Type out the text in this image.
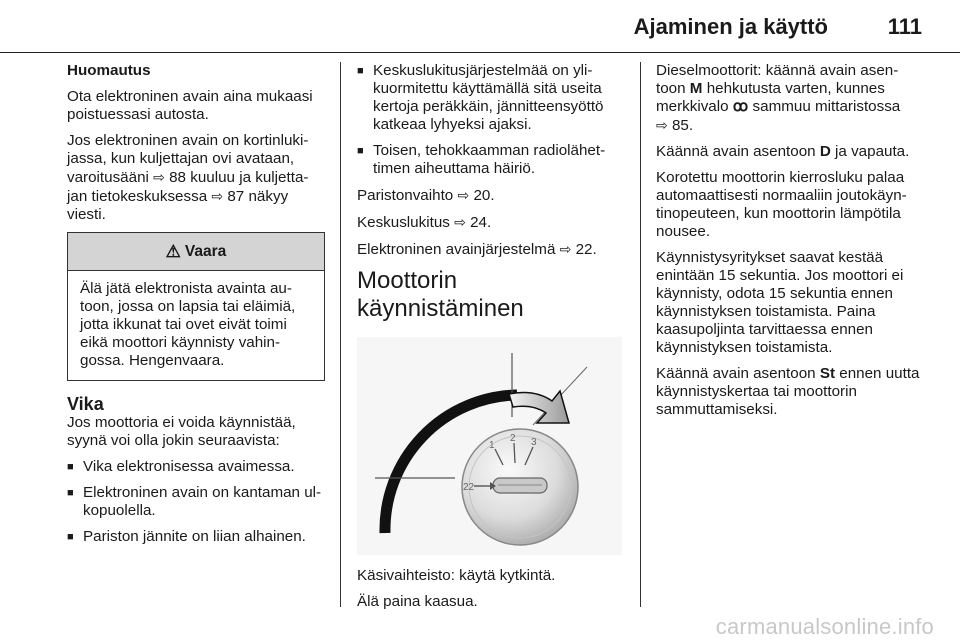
Ajaminen ja käyttö	111

Huomautus

Ota elektroninen avain aina mukaasi poistuessasi autosta.

Jos elektroninen avain on kortinluki-jassa, kun kuljettajan ovi avataan, varoitusääni ⇨ 88 kuuluu ja kuljetta-jan tietokeskuksessa ⇨ 87 näkyy viesti.

⚠ Vaara
Älä jätä elektronista avainta au-toon, jossa on lapsia tai eläimiä, jotta ikkunat tai ovet eivät toimi eikä moottori käynnisty vahin-gossa. Hengenvaara.
Vika

Jos moottoria ei voida käynnistää, syynä voi olla jokin seuraavista:

■ Vika elektronisessa avaimessa.
■ Elektroninen avain on kantaman ul-kopuolella.
■ Pariston jännite on liian alhainen.
■ Keskuslukitusjärjestelmää on yli-kuormitettu käyttämällä sitä useita kertoja peräkkäin, jännitteensyöttö katkeaa lyhyeksi ajaksi.
■ Toisen, tehokkaamman radiolähet-timen aiheuttama häiriö.

Paristonvaihto ⇨ 20.

Keskuslukitus ⇨ 24.

Elektroninen avainjärjestelmä ⇨ 22.

Moottorin käynnistäminen
22
1
2 3

Käsivaihteisto: käytä kytkintä.

Älä paina kaasua.

Dieselmoottorit: käännä avain asen-toon M hehkutusta varten, kunnes merkkivalo ꝏ sammuu mittaristossa
⇨ 85.

Käännä avain asentoon D ja vapauta.

Korotettu moottorin kierrosluku palaa automaattisesti normaaliin joutokäyn-tinopeuteen, kun moottorin lämpötila nousee.

Käynnistysyritykset saavat kestää enintään 15 sekuntia. Jos moottori ei käynnisty, odota 15 sekuntia ennen käynnistyksen toistamista. Paina kaasupoljinta tarvittaessa ennen käynnistyksen toistamista.

Käännä avain asentoon St ennen uutta käynnistyskertaa tai moottorin sammuttamiseksi.

carmanualsonline.info
